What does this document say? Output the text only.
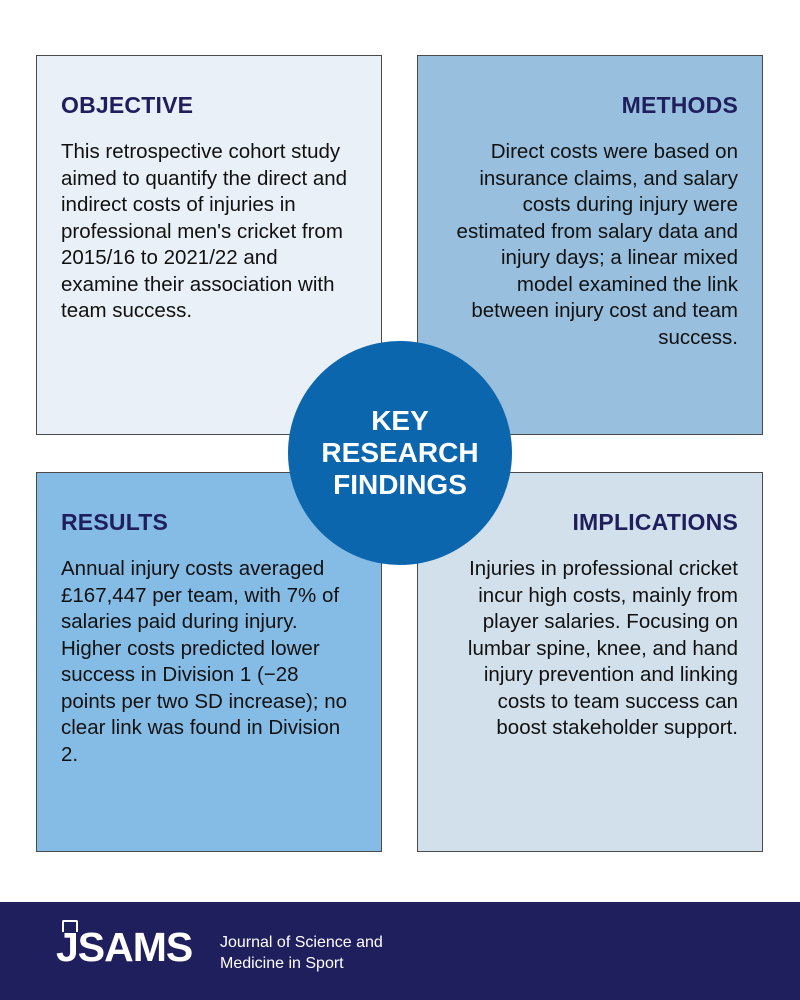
OBJECTIVE

This retrospective cohort study aimed to quantify the direct and indirect costs of injuries in professional men's cricket from 2015/16 to 2021/22 and examine their association with team success.

METHODS

Direct costs were based on insurance claims, and salary costs during injury were estimated from salary data and injury days; a linear mixed model examined the link between injury cost and team success.

RESULTS

Annual injury costs averaged £167,447 per team, with 7% of salaries paid during injury. Higher costs predicted lower success in Division 1 (−28 points per two SD increase); no clear link was found in Division 2.

IMPLICATIONS

Injuries in professional cricket incur high costs, mainly from player salaries. Focusing on lumbar spine, knee, and hand injury prevention and linking costs to team success can boost stakeholder support.

KEY
RESEARCH
FINDINGS
JSAMS Journal of Science and Medicine in Sport
